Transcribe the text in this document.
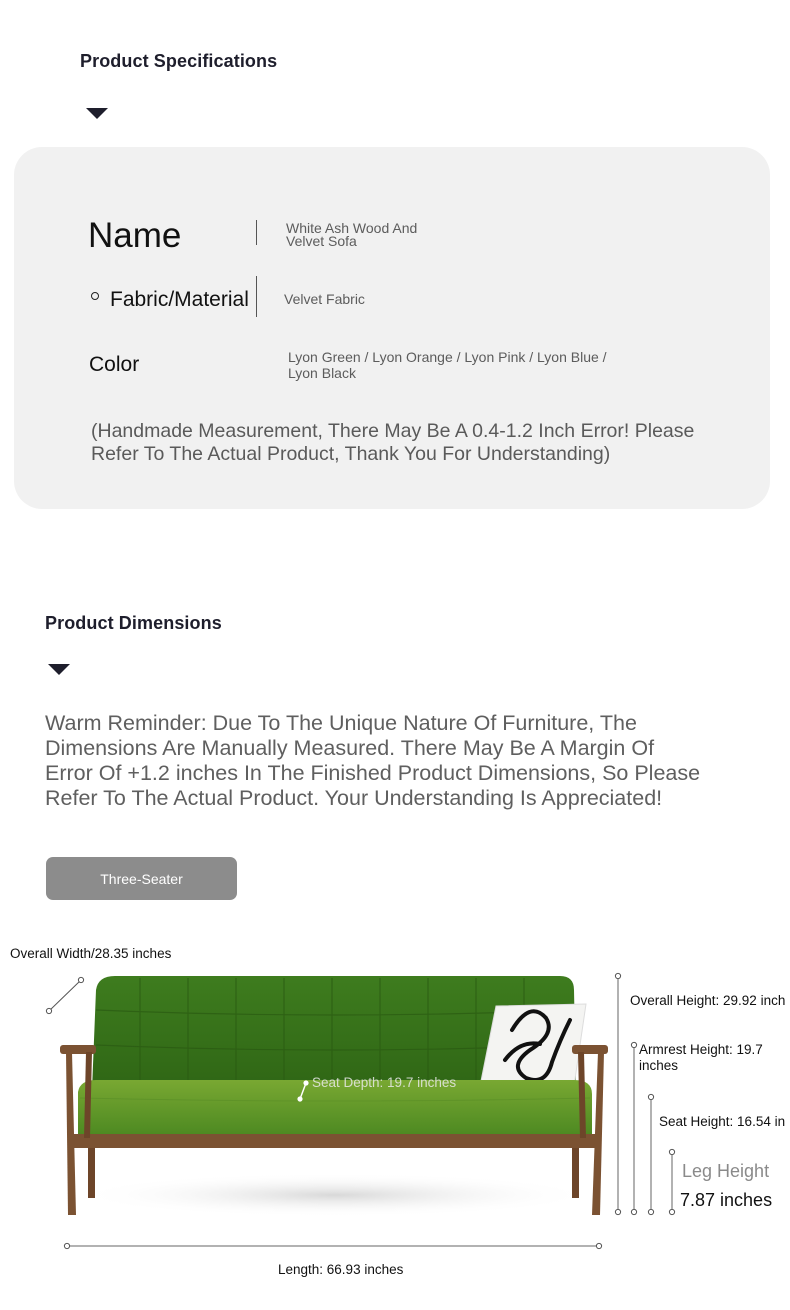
Product Specifications
Name	White Ash Wood And
Velvet Sofa
Fabric/Material	Velvet Fabric
Color	Lyon Green / Lyon Orange / Lyon Pink / Lyon Blue /
Lyon Black
(Handmade Measurement, There May Be A 0.4-1.2 Inch Error! Please
Refer To The Actual Product, Thank You For Understanding)
Product Dimensions
Warm Reminder: Due To The Unique Nature Of Furniture, The
Dimensions Are Manually Measured. There May Be A Margin Of
Error Of +1.2 inches In The Finished Product Dimensions, So Please
Refer To The Actual Product. Your Understanding Is Appreciated!
Three-Seater
Overall Width/28.35 inches
Overall Height: 29.92 inch
Armrest Height: 19.7
inches
Seat Depth: 19.7 inches
Seat Height: 16.54 in
Leg Height
7.87 inches
Length: 66.93 inches
